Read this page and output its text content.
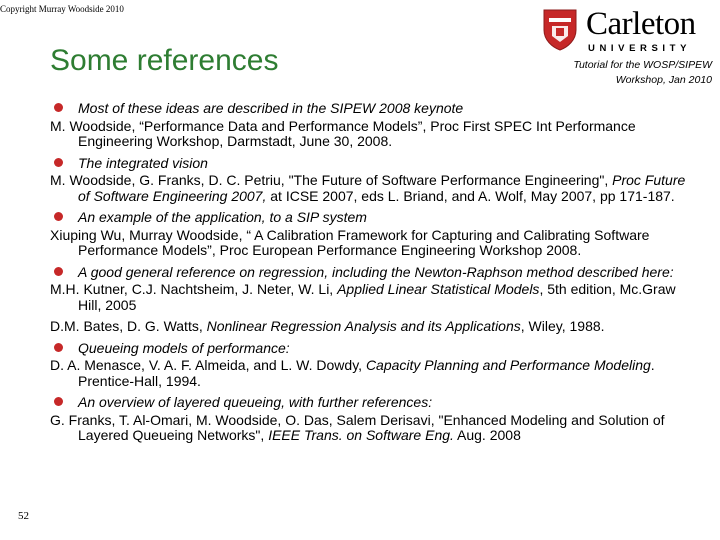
Copyright Murray Woodside 2010
Some references
Carleton
UNIVERSITY
Tutorial for the WOSP/SIPEW
Workshop, Jan 2010
Most of these ideas are described in the SIPEW 2008 keynote
M. Woodside, “Performance Data and Performance Models”, Proc First SPEC Int Performance Engineering Workshop, Darmstadt, June 30, 2008.
The integrated vision
M. Woodside, G. Franks, D. C. Petriu, "The Future of Software Performance Engineering", Proc Future of Software Engineering 2007, at ICSE 2007, eds L. Briand, and A. Wolf, May 2007, pp 171-187.
An example of the application, to a SIP system
Xiuping Wu, Murray Woodside, “ A Calibration Framework for Capturing and Calibrating Software Performance Models”, Proc European Performance Engineering Workshop 2008.
A good general reference on regression, including the Newton-Raphson method described here:
M.H. Kutner, C.J. Nachtsheim, J. Neter, W. Li, Applied Linear Statistical Models, 5th edition, Mc.Graw Hill, 2005
D.M. Bates, D. G. Watts, Nonlinear Regression Analysis and its Applications, Wiley, 1988.
Queueing models of performance:
D. A. Menasce, V. A. F. Almeida, and L. W. Dowdy, Capacity Planning and Performance Modeling. Prentice-Hall, 1994.
An overview of layered queueing, with further references:
G. Franks, T. Al-Omari, M. Woodside, O. Das, Salem Derisavi, "Enhanced Modeling and Solution of Layered Queueing Networks", IEEE Trans. on Software Eng. Aug. 2008
52
